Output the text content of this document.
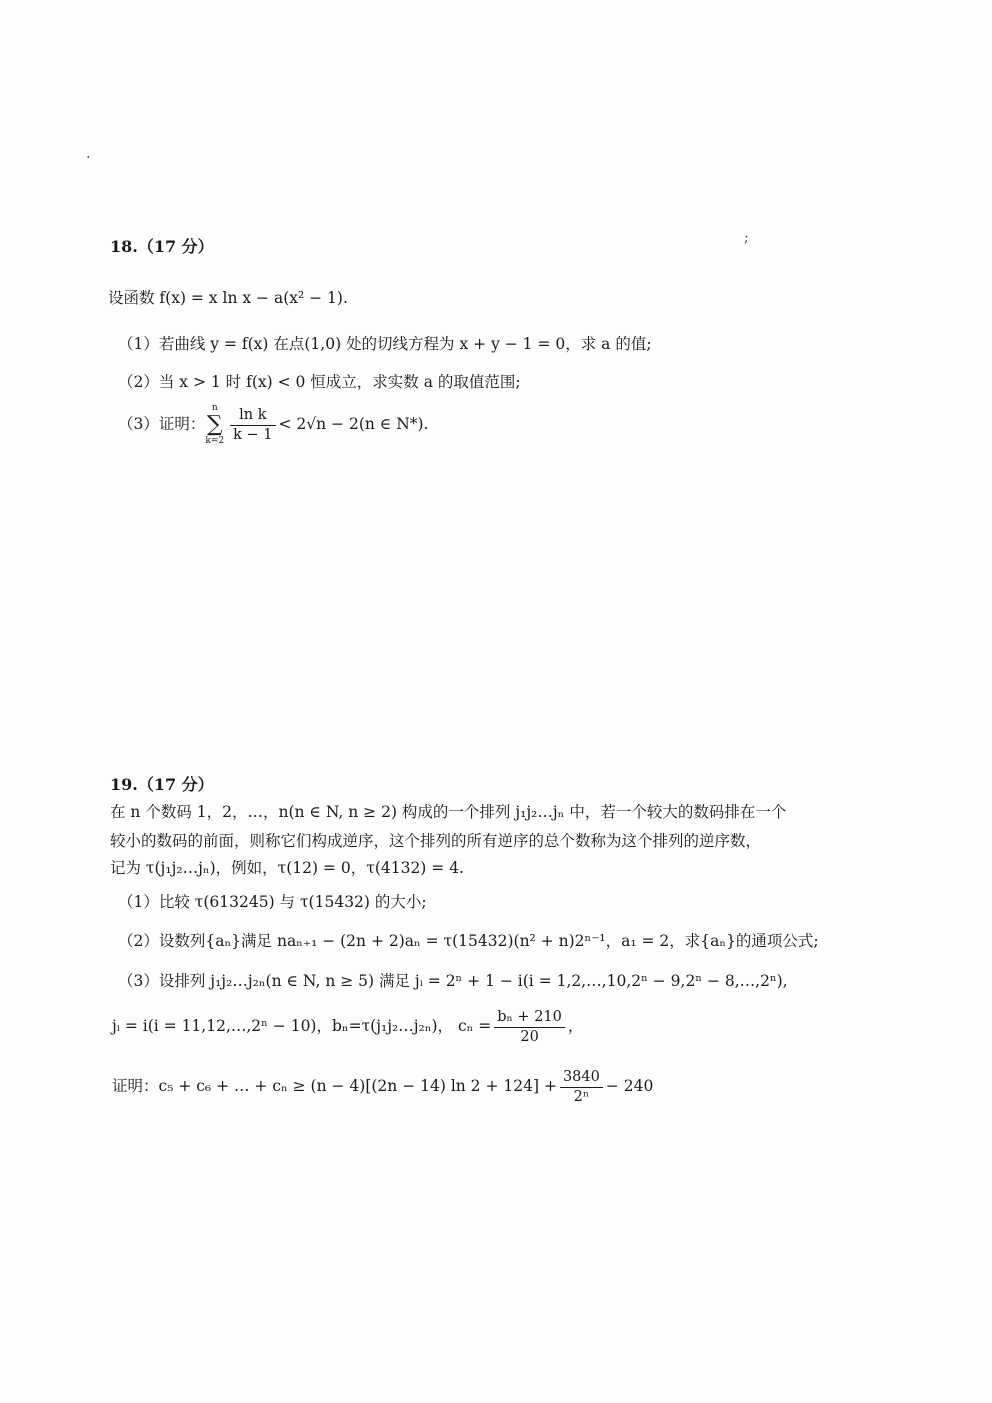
.
;
18.（17 分）
设函数 f(x) = x ln x − a(x² − 1).
（1）若曲线 y = f(x) 在点(1,0) 处的切线方程为 x + y − 1 = 0，求 a 的值;
（2）当 x > 1 时 f(x) < 0 恒成立，求实数 a 的取值范围;
（3）证明：
n
∑
$k=2 \frac{\text{ln k}}{k - 1} < 2√n - 2(n$ ∈ N*).
19.（17 分）
在 n 个数码 1，2，…，n(n ∈ N, n ≥ 2) 构成的一个排列 j₁j₂…jₙ 中，若一个较大的数码排在一个
较小的数码的前面，则称它们构成逆序，这个排列的所有逆序的总个数称为这个排列的逆序数，
记为 τ(j₁j₂…jₙ)，例如，τ(12) = 0，τ(4132) = 4.
（1）比较 τ(613245) 与 τ(15432) 的大小;
（2）设数列{aₙ}满足 naₙ₊₁ − (2n + 2)aₙ = τ(15432)(n² + n)2ⁿ⁻¹，a₁ = 2，求{aₙ}的通项公式;
（3）设排列 j₁j₂…j₂ₙ(n ∈ N, n ≥ 5) 满足 jᵢ = 2ⁿ + 1 − i(i = 1,2,…,10,2ⁿ − 9,2ⁿ − 8,…,2ⁿ),
jᵢ = i(i = 11,12,…,2ⁿ − 10)，bₙ=τ(j₁j₂…j₂ₙ)， $c_n = \frac{\text{bₙ + 210}}{20}$ ，
证明：c₅ + c₆ + … + cₙ ≥ (n − 4)[(2n − 14) $\ln 2 + 124] + \frac{3840}{\text{2ⁿ}} - 240$
